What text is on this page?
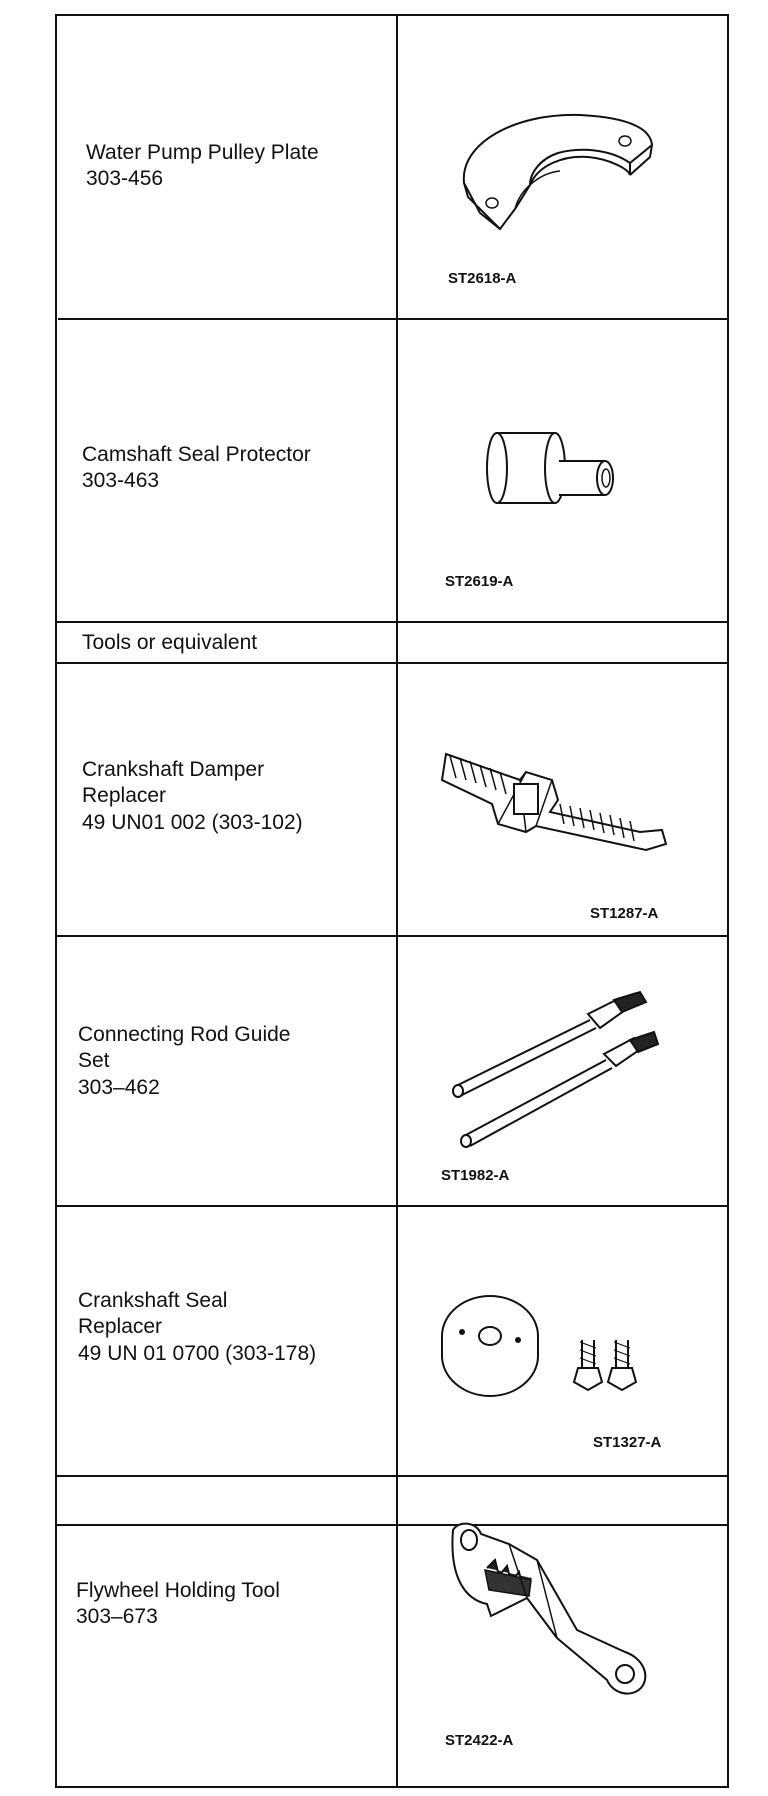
Water Pump Pulley Plate
303-456
ST2618-A
Camshaft Seal Protector
303-463
ST2619-A
Tools or equivalent
Crankshaft Damper
Replacer
49 UN01 002 (303-102)
ST1287-A
Connecting Rod Guide
Set
303–462
ST1982-A
Crankshaft Seal
Replacer
49 UN 01 0700 (303-178)
ST1327-A
Flywheel Holding Tool
303–673
ST2422-A
